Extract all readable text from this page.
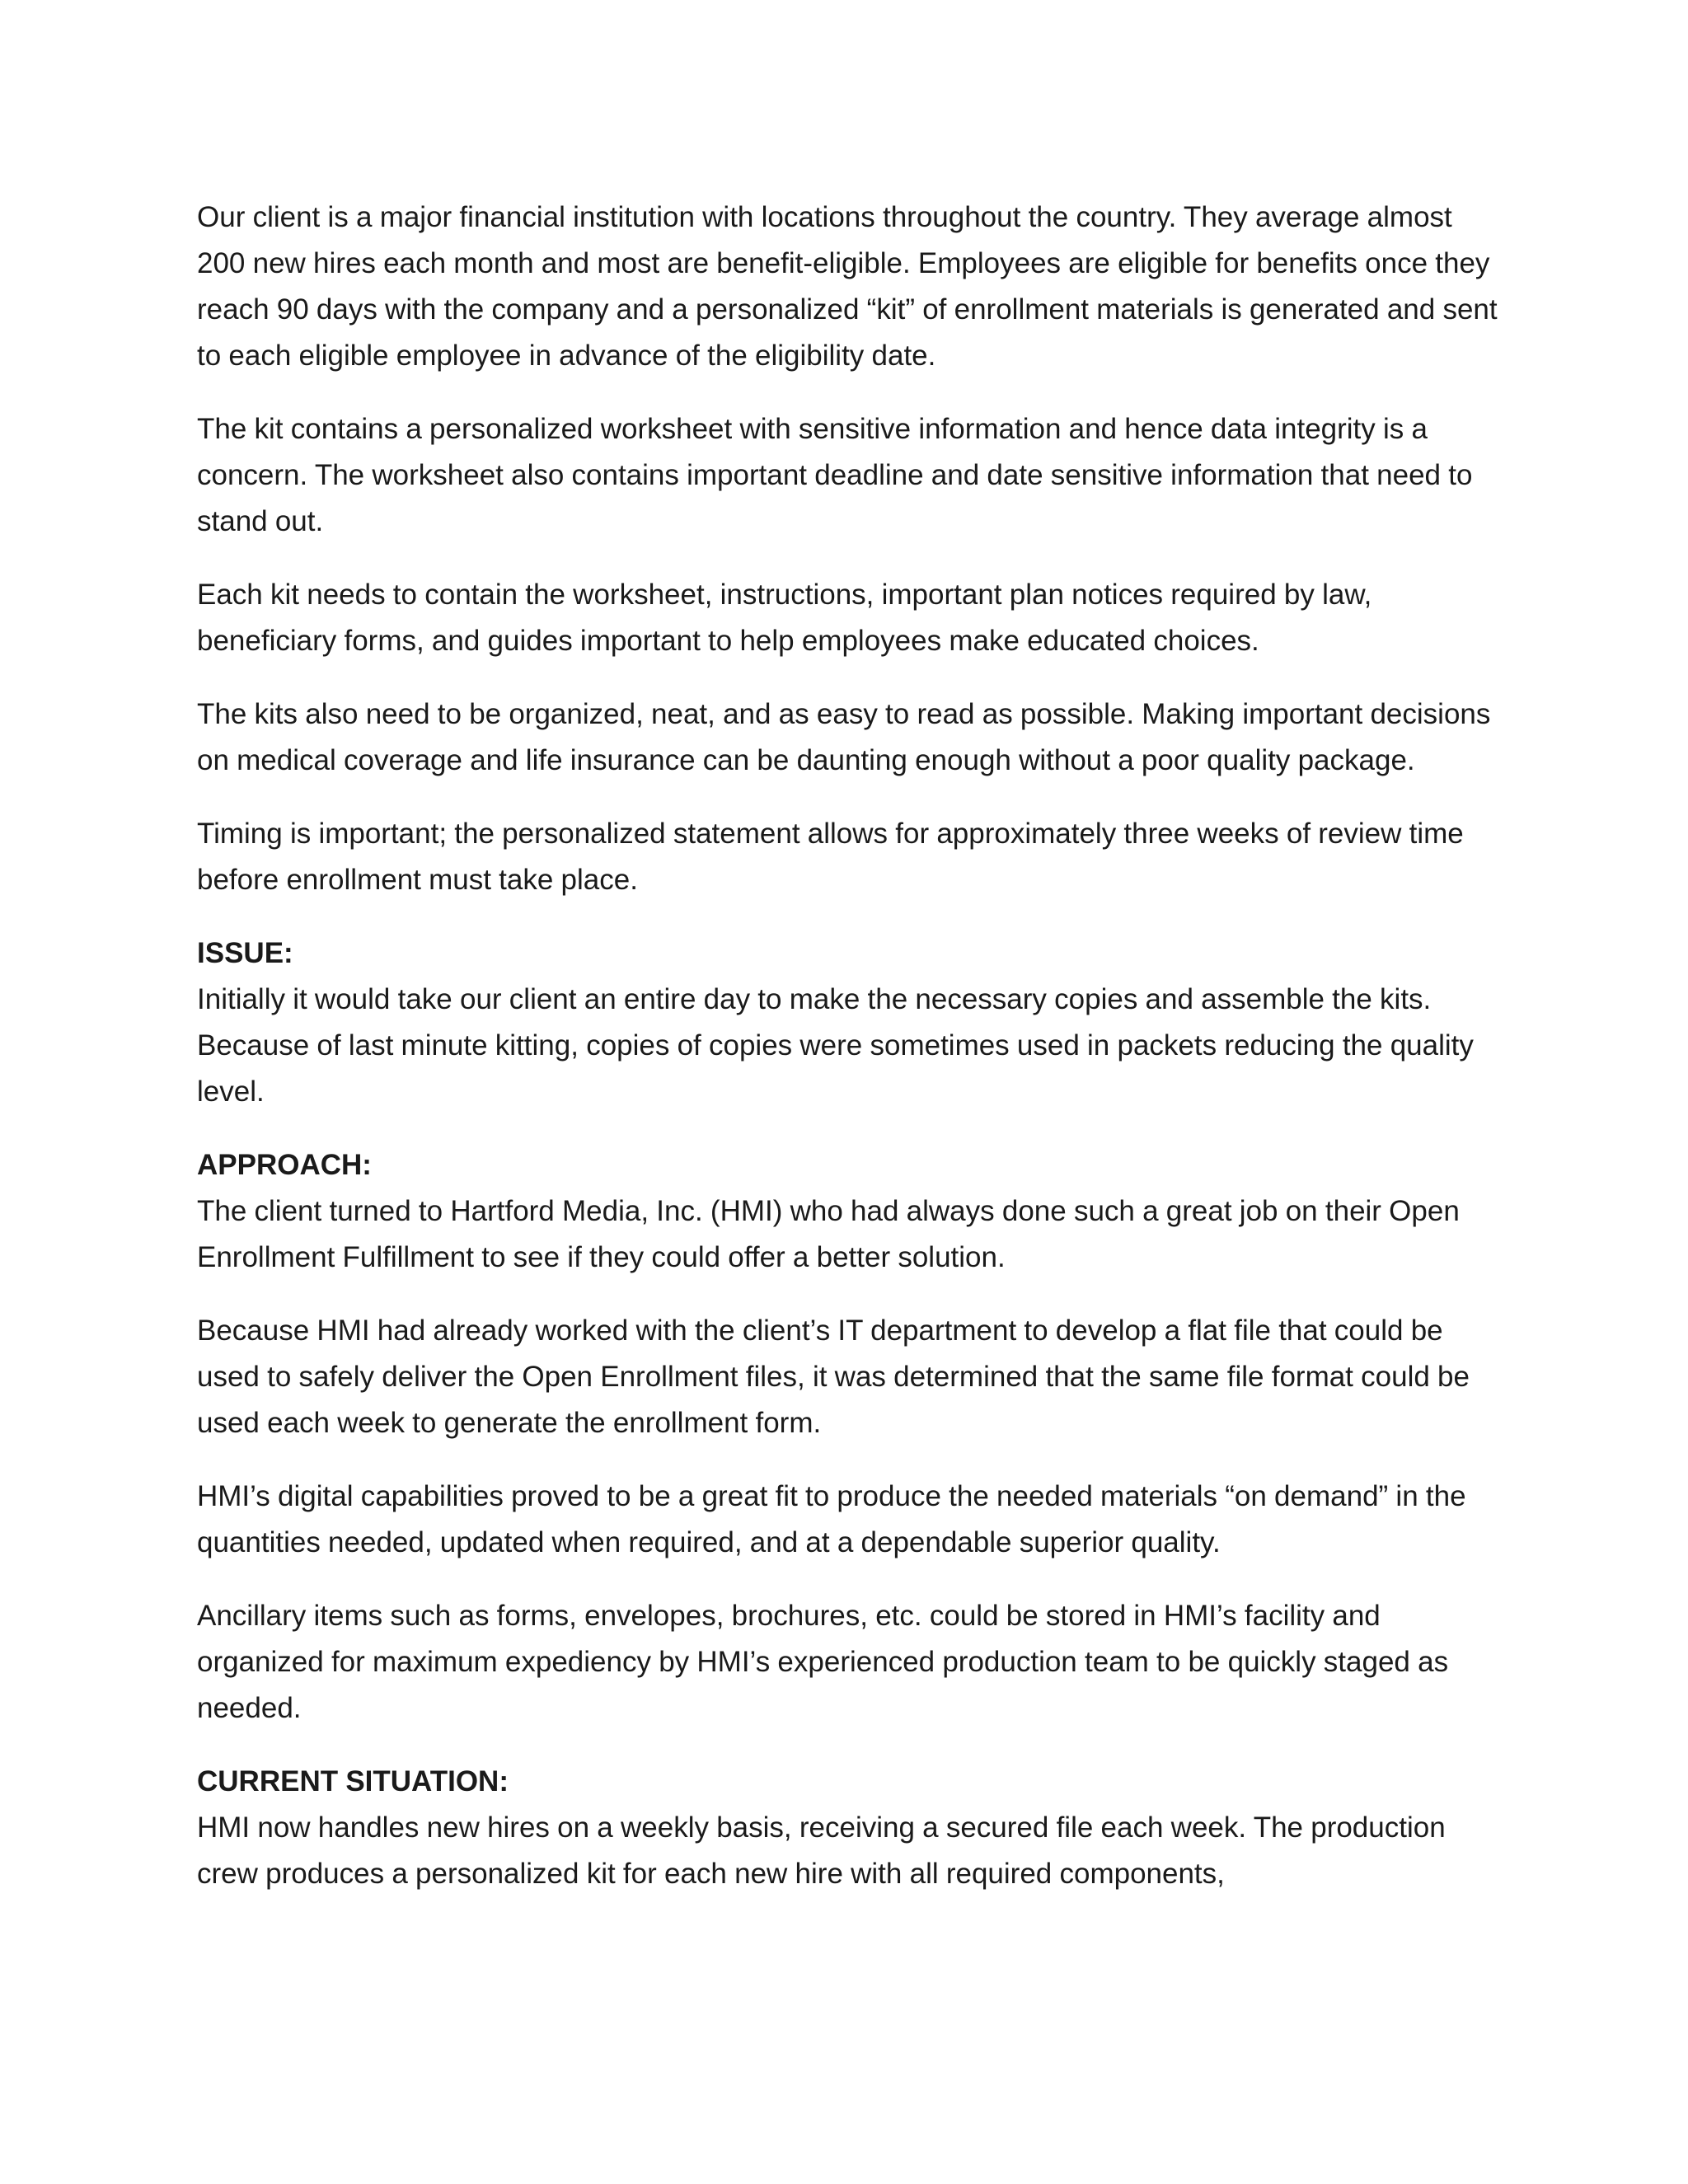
Our client is a major financial institution with locations throughout the country. They average almost 200 new hires each month and most are benefit-eligible. Employees are eligible for benefits once they reach 90 days with the company and a personalized “kit” of enrollment materials is generated and sent to each eligible employee in advance of the eligibility date.

The kit contains a personalized worksheet with sensitive information and hence data integrity is a concern. The worksheet also contains important deadline and date sensitive information that need to stand out.

Each kit needs to contain the worksheet, instructions, important plan notices required by law, beneficiary forms, and guides important to help employees make educated choices.

The kits also need to be organized, neat, and as easy to read as possible. Making important decisions on medical coverage and life insurance can be daunting enough without a poor quality package.

Timing is important; the personalized statement allows for approximately three weeks of review time before enrollment must take place.

ISSUE:

Initially it would take our client an entire day to make the necessary copies and assemble the kits. Because of last minute kitting, copies of copies were sometimes used in packets reducing the quality level.

APPROACH:

The client turned to Hartford Media, Inc. (HMI) who had always done such a great job on their Open Enrollment Fulfillment to see if they could offer a better solution.

Because HMI had already worked with the client’s IT department to develop a flat file that could be used to safely deliver the Open Enrollment files, it was determined that the same file format could be used each week to generate the enrollment form.

HMI’s digital capabilities proved to be a great fit to produce the needed materials “on demand” in the quantities needed, updated when required, and at a dependable superior quality.

Ancillary items such as forms, envelopes, brochures, etc. could be stored in HMI’s facility and organized for maximum expediency by HMI’s experienced production team to be quickly staged as needed.

CURRENT SITUATION:

HMI now handles new hires on a weekly basis, receiving a secured file each week. The production crew produces a personalized kit for each new hire with all required components,
